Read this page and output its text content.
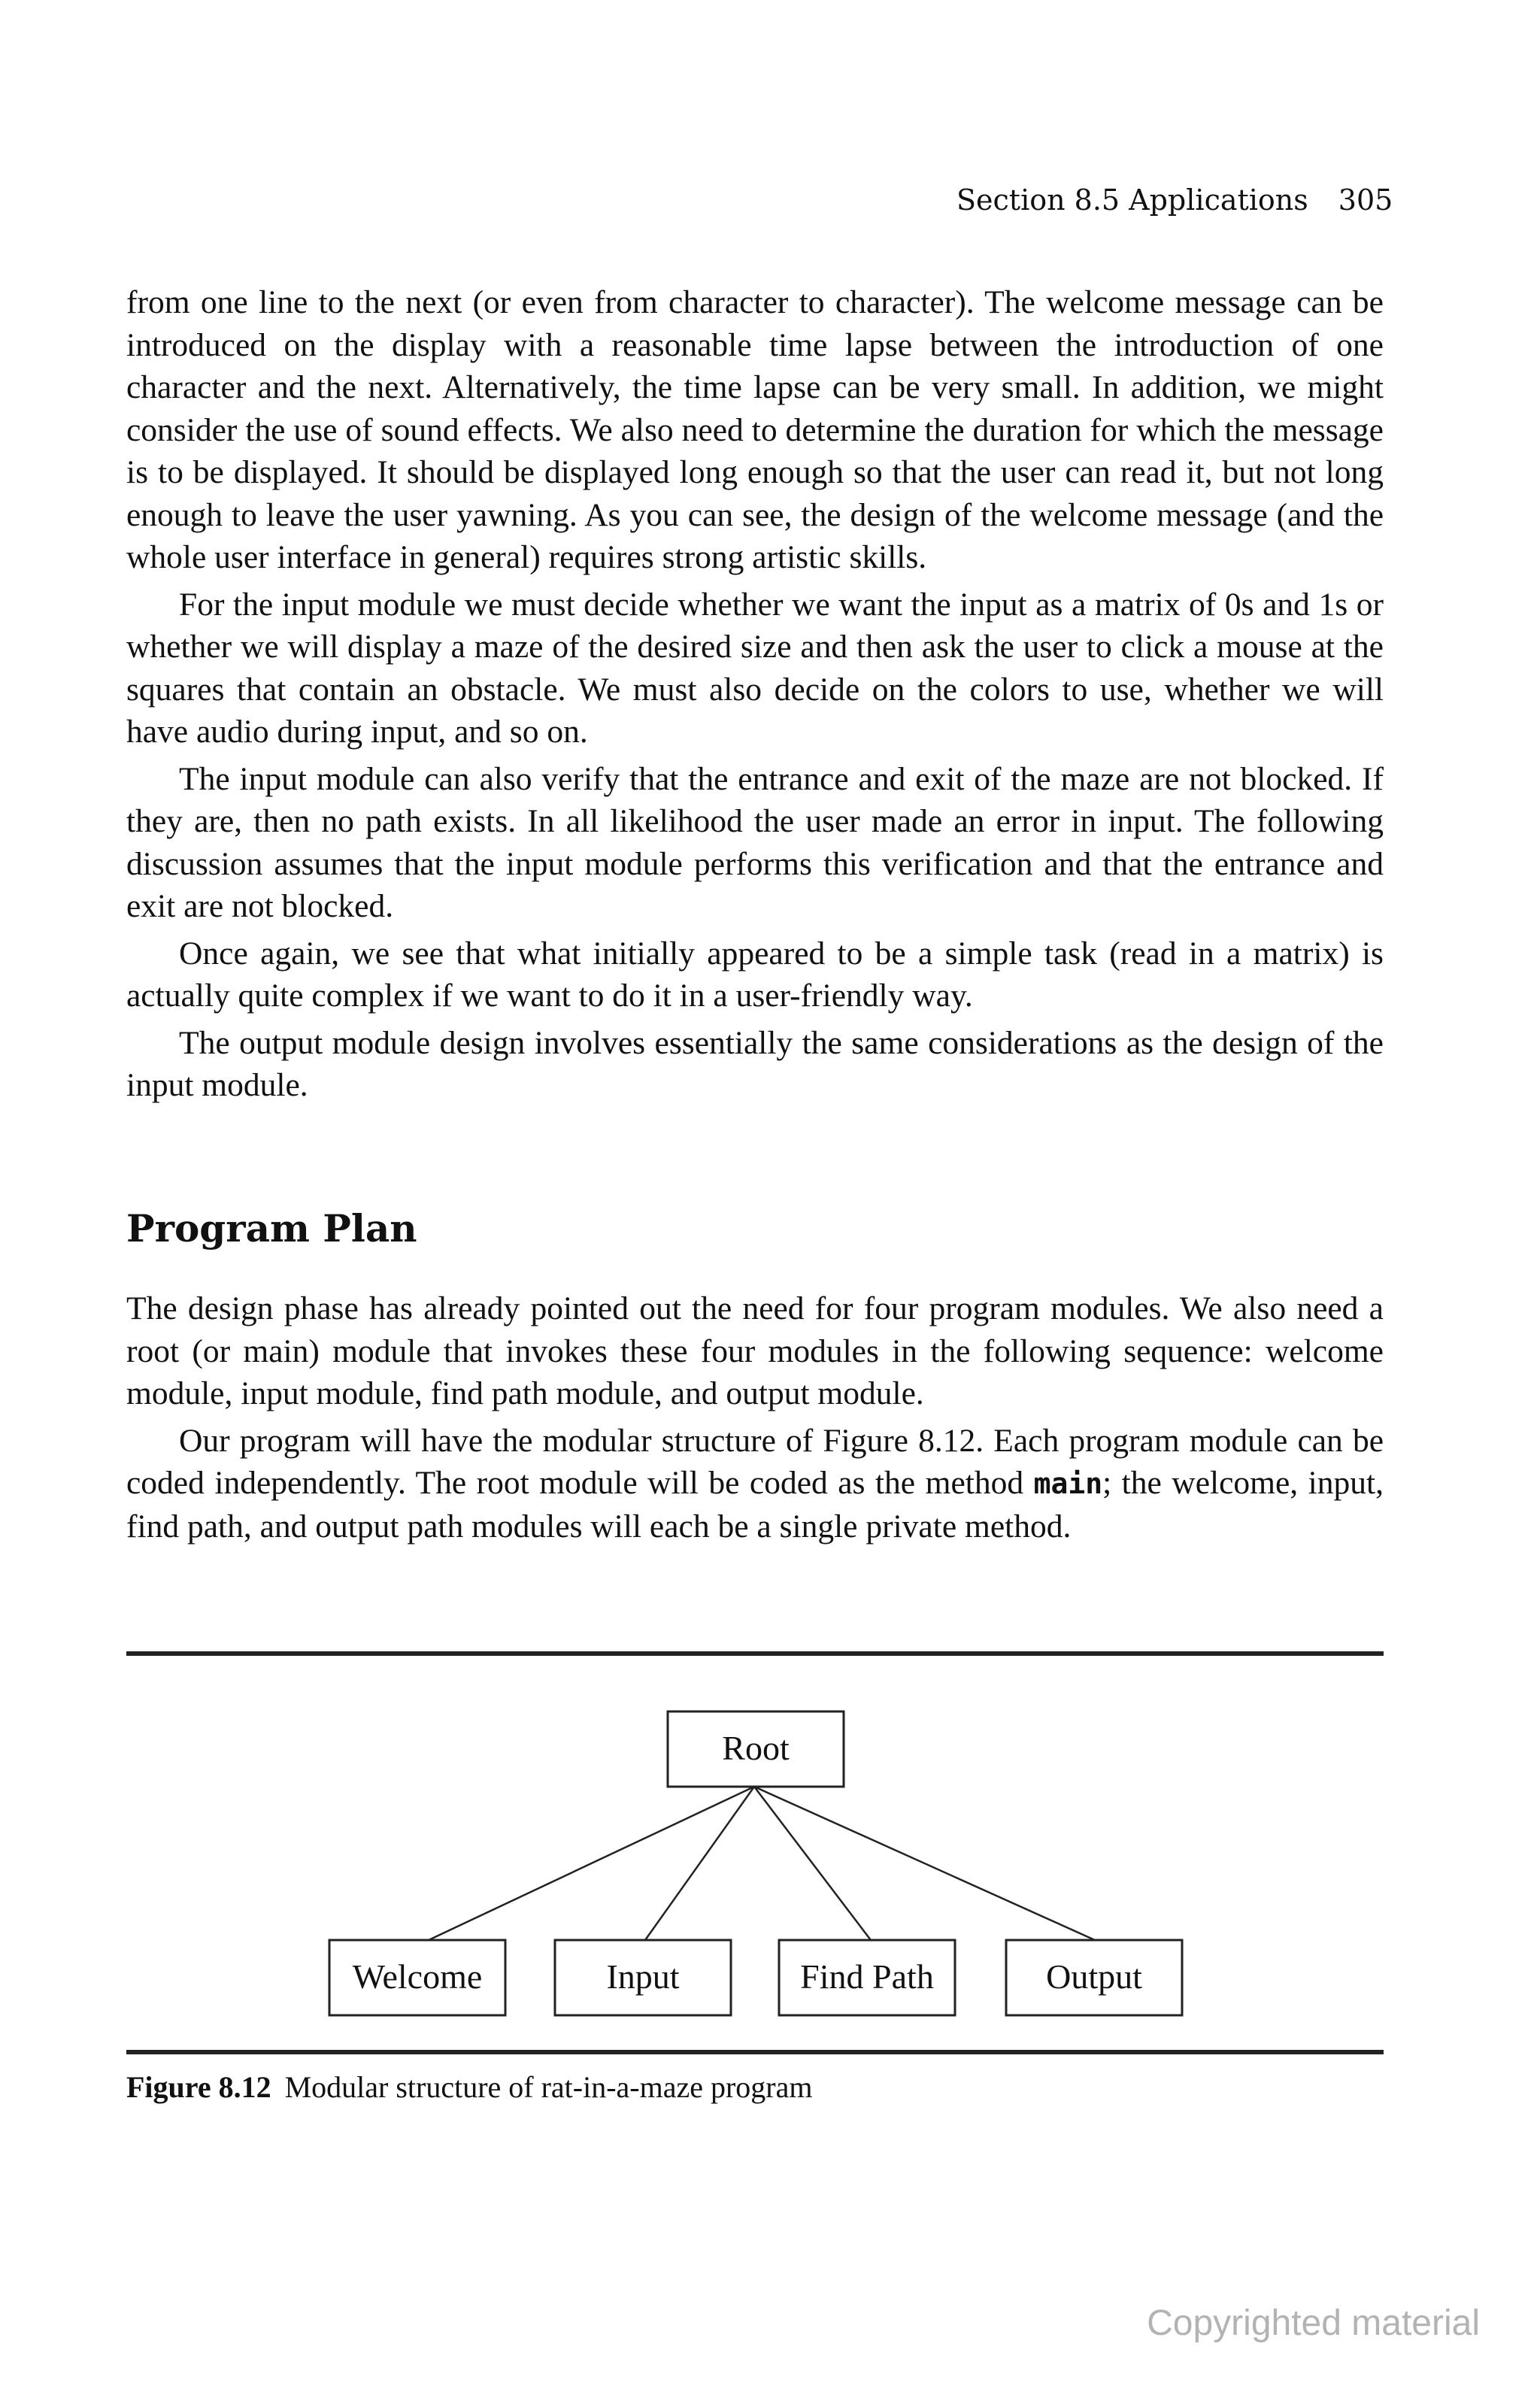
Section 8.5 Applications 305

from one line to the next (or even from character to character). The welcome message can be introduced on the display with a reasonable time lapse between the introduction of one character and the next. Alternatively, the time lapse can be very small. In addition, we might consider the use of sound effects. We also need to determine the duration for which the message is to be displayed. It should be displayed long enough so that the user can read it, but not long enough to leave the user yawning. As you can see, the design of the welcome message (and the whole user interface in general) requires strong artistic skills.

For the input module we must decide whether we want the input as a matrix of 0s and 1s or whether we will display a maze of the desired size and then ask the user to click a mouse at the squares that contain an obstacle. We must also decide on the colors to use, whether we will have audio during input, and so on.

The input module can also verify that the entrance and exit of the maze are not blocked. If they are, then no path exists. In all likelihood the user made an error in input. The following discussion assumes that the input module performs this verification and that the entrance and exit are not blocked.

Once again, we see that what initially appeared to be a simple task (read in a matrix) is actually quite complex if we want to do it in a user-friendly way.

The output module design involves essentially the same considerations as the design of the input module.

Program Plan

The design phase has already pointed out the need for four program modules. We also need a root (or main) module that invokes these four modules in the following sequence: welcome module, input module, find path module, and output module.

Our program will have the modular structure of Figure 8.12. Each program module can be coded independently. The root module will be coded as the method main; the welcome, input, find path, and output path modules will each be a single private method.

Root
Welcome	Input	Find Path	Output
Figure 8.12 Modular structure of rat-in-a-maze program
Copyrighted material
